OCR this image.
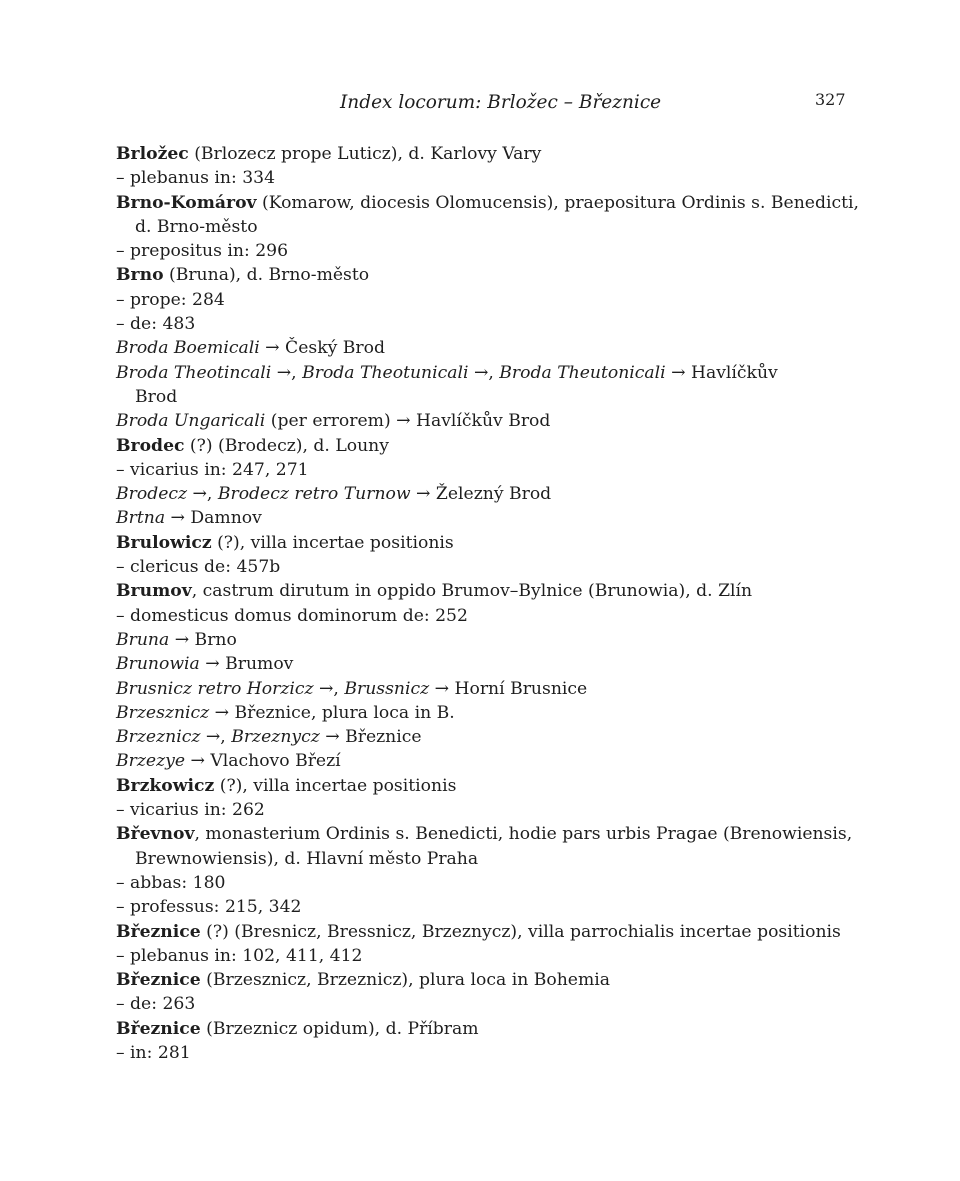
Index locorum: Brložec – Březnice	327
Brložec (Brlozecz prope Luticz), d. Karlovy Vary
– plebanus in: 334
Brno-Komárov (Komarow, diocesis Olomucensis), praepositura Ordinis s. Benedicti,
d. Brno-město
– prepositus in: 296
Brno (Bruna), d. Brno-město
– prope: 284
– de: 483
Broda Boemicali → Český Brod
Broda Theotincali →, Broda Theotunicali →, Broda Theutonicali → Havlíčkův
Brod
Broda Ungaricali (per errorem) → Havlíčkův Brod
Brodec (?) (Brodecz), d. Louny
– vicarius in: 247, 271
Brodecz →, Brodecz retro Turnow → Železný Brod
Brtna → Damnov
Brulowicz (?), villa incertae positionis
– clericus de: 457b
Brumov, castrum dirutum in oppido Brumov–Bylnice (Brunowia), d. Zlín
– domesticus domus dominorum de: 252
Bruna → Brno
Brunowia → Brumov
Brusnicz retro Horzicz →, Brussnicz → Horní Brusnice
Brzesznicz → Březnice, plura loca in B.
Brzeznicz →, Brzeznycz → Březnice
Brzezye → Vlachovo Březí
Brzkowicz (?), villa incertae positionis
– vicarius in: 262
Břevnov, monasterium Ordinis s. Benedicti, hodie pars urbis Pragae (Brenowiensis,
Brewnowiensis), d. Hlavní město Praha
– abbas: 180
– professus: 215, 342
Březnice (?) (Bresnicz, Bressnicz, Brzeznycz), villa parrochialis incertae positionis
– plebanus in: 102, 411, 412
Březnice (Brzesznicz, Brzeznicz), plura loca in Bohemia
– de: 263
Březnice (Brzeznicz opidum), d. Příbram
– in: 281
